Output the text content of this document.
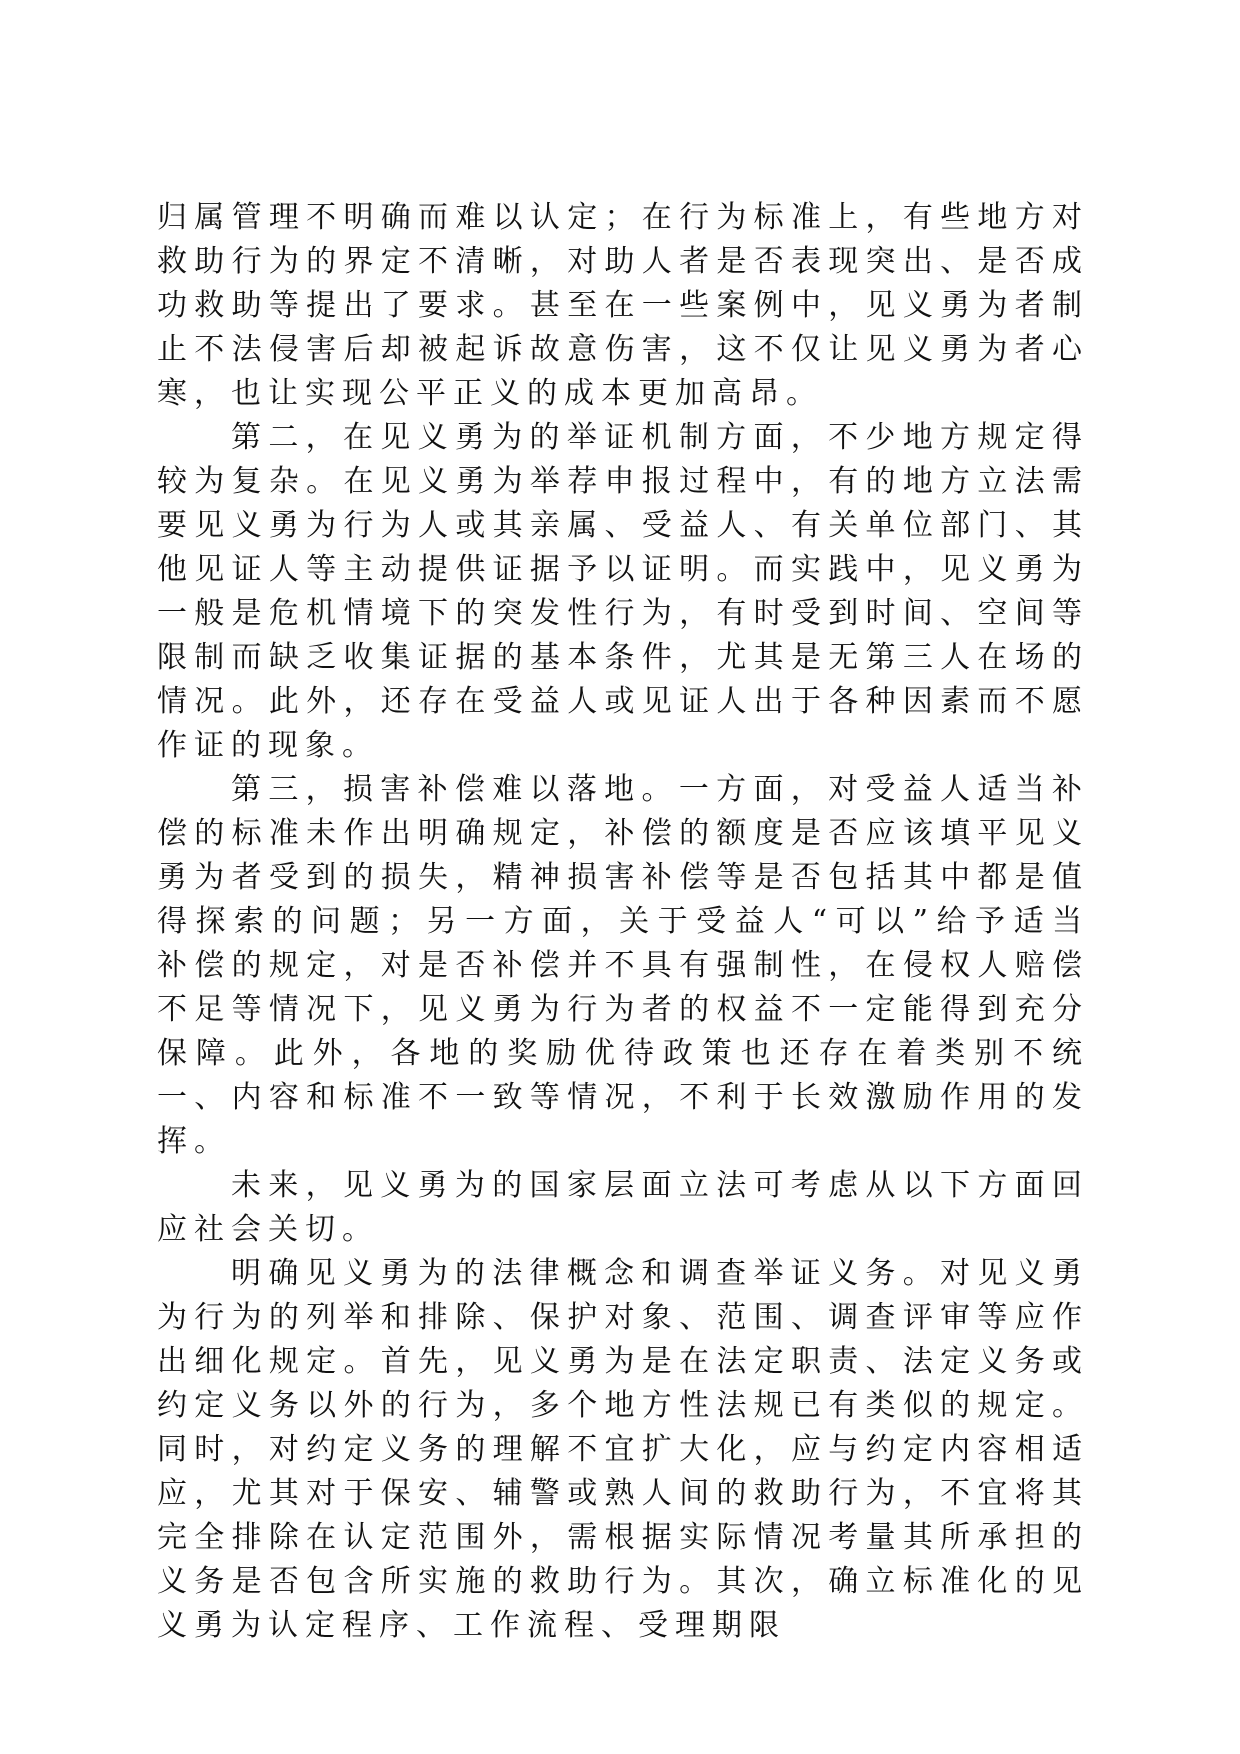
归属管理不明确而难以认定；在行为标准上，有些地方对救助行为的界定不清晰，对助人者是否表现突出、是否成功救助等提出了要求。甚至在一些案例中，见义勇为者制止不法侵害后却被起诉故意伤害，这不仅让见义勇为者心寒，也让实现公平正义的成本更加高昂。

第二，在见义勇为的举证机制方面，不少地方规定得较为复杂。在见义勇为举荐申报过程中，有的地方立法需要见义勇为行为人或其亲属、受益人、有关单位部门、其他见证人等主动提供证据予以证明。而实践中，见义勇为一般是危机情境下的突发性行为，有时受到时间、空间等限制而缺乏收集证据的基本条件，尤其是无第三人在场的情况。此外，还存在受益人或见证人出于各种因素而不愿作证的现象。

第三，损害补偿难以落地。一方面，对受益人适当补偿的标准未作出明确规定，补偿的额度是否应该填平见义勇为者受到的损失，精神损害补偿等是否包括其中都是值得探索的问题；另一方面，关于受益人“可以”给予适当补偿的规定，对是否补偿并不具有强制性，在侵权人赔偿不足等情况下，见义勇为行为者的权益不一定能得到充分保障。此外，各地的奖励优待政策也还存在着类别不统一、内容和标准不一致等情况，不利于长效激励作用的发挥。

未来，见义勇为的国家层面立法可考虑从以下方面回应社会关切。

明确见义勇为的法律概念和调查举证义务。对见义勇为行为的列举和排除、保护对象、范围、调查评审等应作出细化规定。首先，见义勇为是在法定职责、法定义务或约定义务以外的行为，多个地方性法规已有类似的规定。同时，对约定义务的理解不宜扩大化，应与约定内容相适应，尤其对于保安、辅警或熟人间的救助行为，不宜将其完全排除在认定范围外，需根据实际情况考量其所承担的义务是否包含所实施的救助行为。其次，确立标准化的见义勇为认定程序、工作流程、受理期限
